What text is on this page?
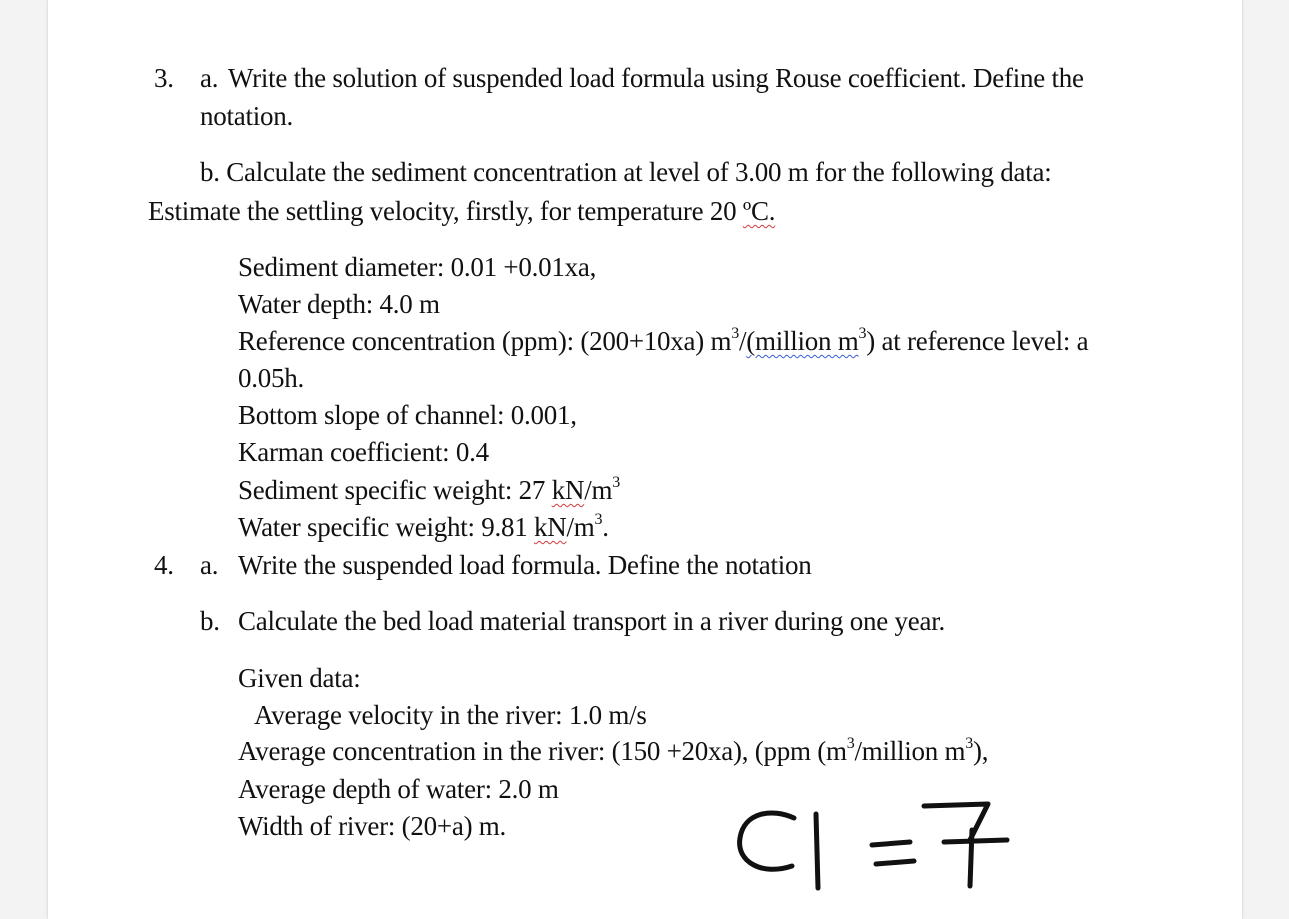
3. a. Write the solution of suspended load formula using Rouse coefficient. Define the
notation.
b. Calculate the sediment concentration at level of 3.00 m for the following data:
Estimate the settling velocity, firstly, for temperature 20 ºC.
Sediment diameter: 0.01 +0.01xa,
Water depth: 4.0 m
Reference concentration (ppm): (200+10xa) $m^3/(million$ $m^3$) at reference level: a
0.05h.
Bottom slope of channel: 0.001,
Karman coefficient: 0.4
Sediment specific weight: 27 $kN/m^3$
Water specific weight: 9.81 $kN/m^3$.
4. a. Write the suspended load formula. Define the notation
b. Calculate the bed load material transport in a river during one year.
Given data:
Average velocity in the river: 1.0 m/s
Average concentration in the river: (150 +20xa), (ppm ($m^3$/million $m^3$),
Average depth of water: 2.0 m
Width of river: (20+a) m.
